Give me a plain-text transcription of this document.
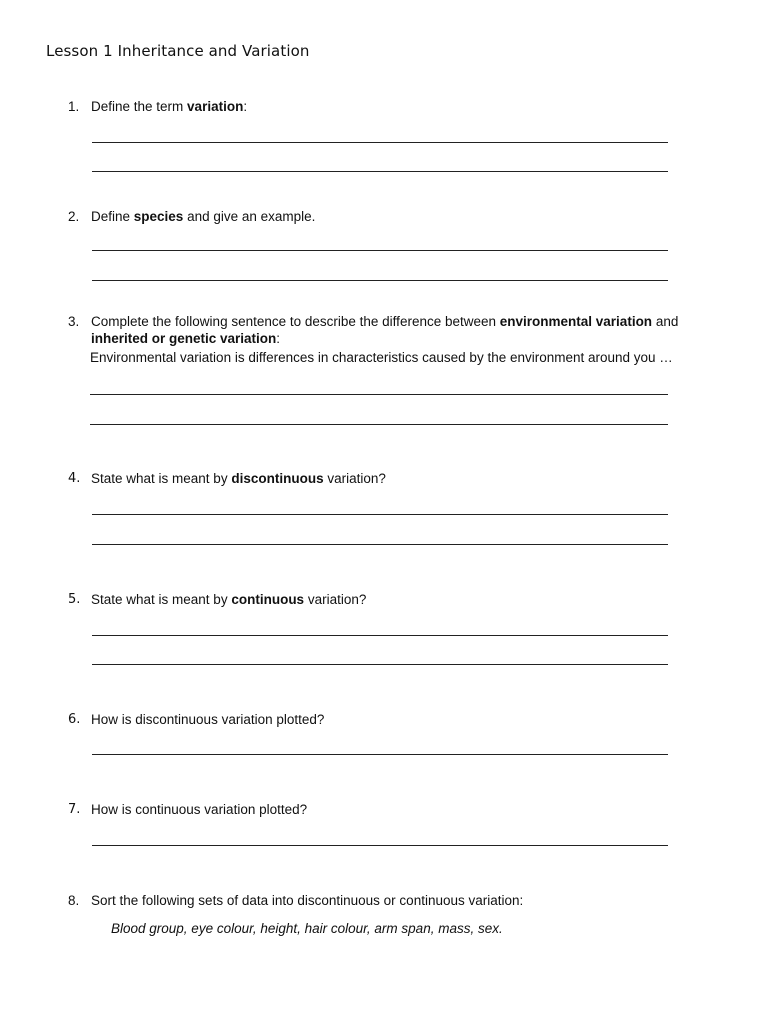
Lesson 1 Inheritance and Variation
1. Define the term variation:
2. Define species and give an example.
3. Complete the following sentence to describe the difference between environmental variation and inherited or genetic variation:
Environmental variation is differences in characteristics caused by the environment around you …
4. State what is meant by discontinuous variation?
5. State what is meant by continuous variation?
6. How is discontinuous variation plotted?
7. How is continuous variation plotted?
8. Sort the following sets of data into discontinuous or continuous variation:
Blood group, eye colour, height, hair colour, arm span, mass, sex.
